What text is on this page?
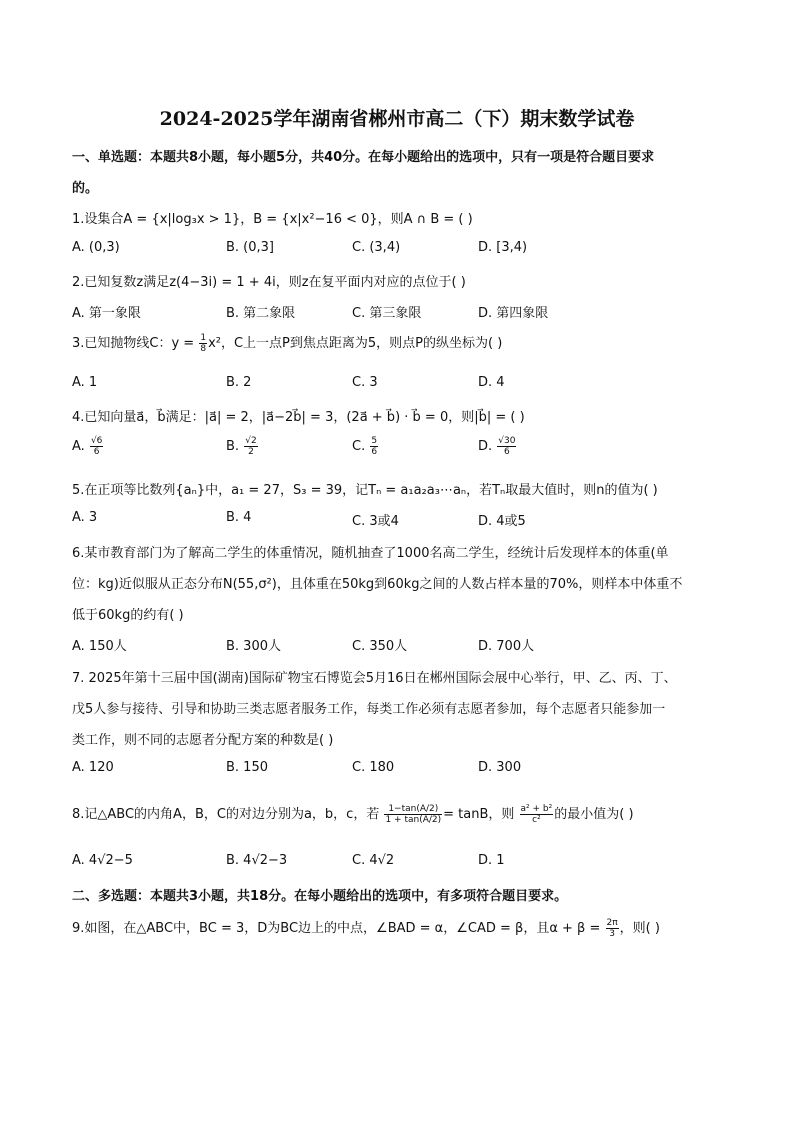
2024-2025学年湖南省郴州市高二（下）期末数学试卷
一、单选题：本题共8小题，每小题5分，共40分。在每小题给出的选项中，只有一项是符合题目要求
的。
1.设集合A = {x|log₃x > 1}，B = {x|x²−16 < 0}，则A ∩ B = ( )
A. (0,3)	B. (0,3]	C. (3,4)	D. [3,4)
2.已知复数z满足z(4−3i) = 1 + 4i，则z在复平面内对应的点位于( )
A. 第一象限	B. 第二象限	C. 第三象限	D. 第四象限
3.已知抛物线C：$y = \frac{1}{8} x^2$，C上一点P到焦点距离为5，则点P的纵坐标为( )
A. 1	B. 2	C. 3	D. 4
4.已知向量a⃗，b⃗满足：|a⃗| = 2，|a⃗−2b⃗| = 3，(2a⃗ + b⃗) · b⃗ = 0，则|b⃗| = ( )
A. $\frac{√6}{6}$	B. $\frac{√2}{2}$	C. $\frac{5}{6}$	D. $\frac{√30}{6}$
5.在正项等比数列{aₙ}中，a₁ = 27，S₃ = 39，记Tₙ = a₁a₂a₃⋯aₙ，若Tₙ取最大值时，则n的值为( )
A. 3	B. 4	C. 3或4	D. 4或5
6.某市教育部门为了解高二学生的体重情况，随机抽查了1000名高二学生，经统计后发现样本的体重(单
位：kg)近似服从正态分布N(55,σ²)，且体重在50kg到60kg之间的人数占样本量的70%，则样本中体重不
低于60kg的约有( )
A. 150人	B. 300人	C. 350人	D. 700人
7. 2025年第十三届中国(湖南)国际矿物宝石博览会5月16日在郴州国际会展中心举行，甲、乙、丙、丁、
戊5人参与接待、引导和协助三类志愿者服务工作，每类工作必须有志愿者参加，每个志愿者只能参加一
类工作，则不同的志愿者分配方案的种数是( )
A. 120	B. 150	C. 180	D. 300
8.记△ABC的内角A，B，C的对边分别为a，b，c，若 $\frac{1-\tan(A/2)}{1 + \tan(A/2)} = \tan B$，则 $\frac{\text{a² + b²}}{\text{c²}}$ 的最小值为( )
A. 4√2−5	B. 4√2−3	C. 4√2	D. 1
二、多选题：本题共3小题，共18分。在每小题给出的选项中，有多项符合题目要求。
9.如图，在△ABC中，BC = 3，D为BC边上的中点，∠BAD = α，∠CAD = β，且$\alpha + \beta = \frac{2\pi}{3}$ ，则( )
